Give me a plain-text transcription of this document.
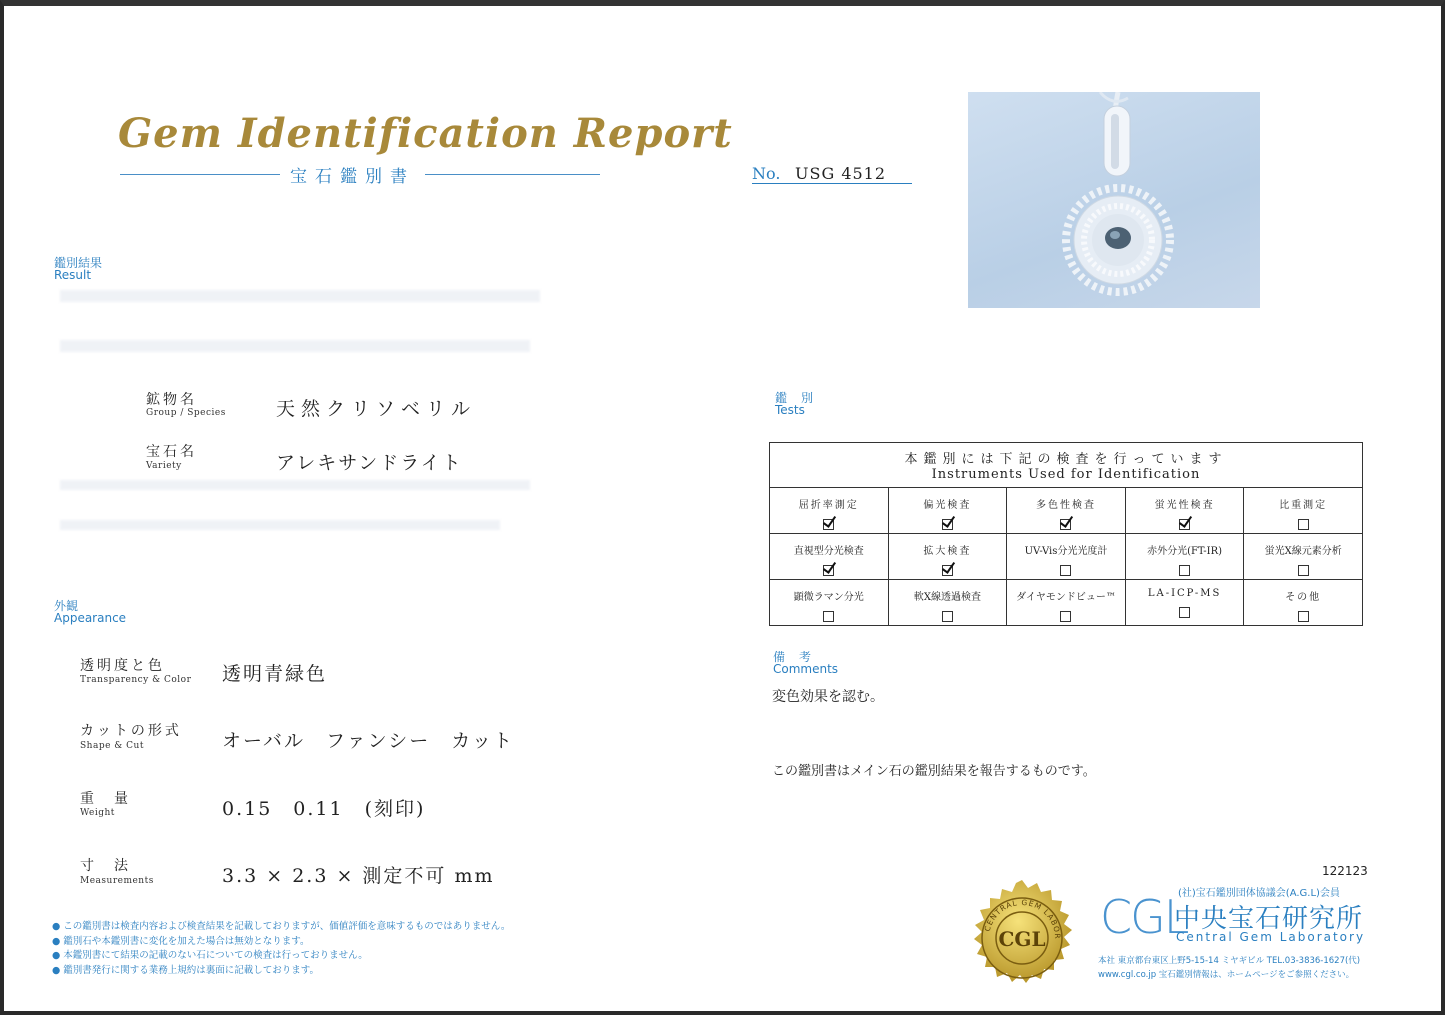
Gem Identification Report
宝石鑑別書	No. USG 4512
鑑別結果
Result
鉱物名
Group / Species	天然クリソベリル
宝石名
Variety	アレキサンドライト
外観
Appearance
透明度と色
Transparency & Color 透明青緑色
カットの形式
Shape & Cut	オーバル　ファンシー　カット
重　量
Weight	0.15　0.11　(刻印)
寸　法
Measurements	3.3 × 2.3 × 測定不可 mm
鑑別
Tests
本鑑別には下記の検査を行っています
Instruments Used for Identification				

屈折率測定	偏光検査	多色性検査	蛍光性検査	比重測定

直視型分光検査	拡大検査	UV-Vis分光光度計	赤外分光(FT-IR)	蛍光X線元素分析

顕微ラマン分光	軟X線透過検査	ダイヤモンドビュー™	LA-ICP-MS	その他
備考
Comments
変色効果を認む。
この鑑別書はメイン石の鑑別結果を報告するものです。
122123
● この鑑別書は検査内容および検査結果を記載しておりますが、価値評価を意味するものではありません。
● 鑑別石や本鑑別書に変化を加えた場合は無効となります。
● 本鑑別書にて結果の記載のない石についての検査は行っておりません。
● 鑑別書発行に関する業務上規約は裏面に記載しております。
CGL
CENTRAL GEM LABOR
(社)宝石鑑別団体協議会(A.G.L)会員
CGL
中央宝石研究所
Central Gem Laboratory
本社 東京都台東区上野5-15-14 ミヤギビル TEL.03-3836-1627(代)
www.cgl.co.jp 宝石鑑別情報は、ホームページをご参照ください。
